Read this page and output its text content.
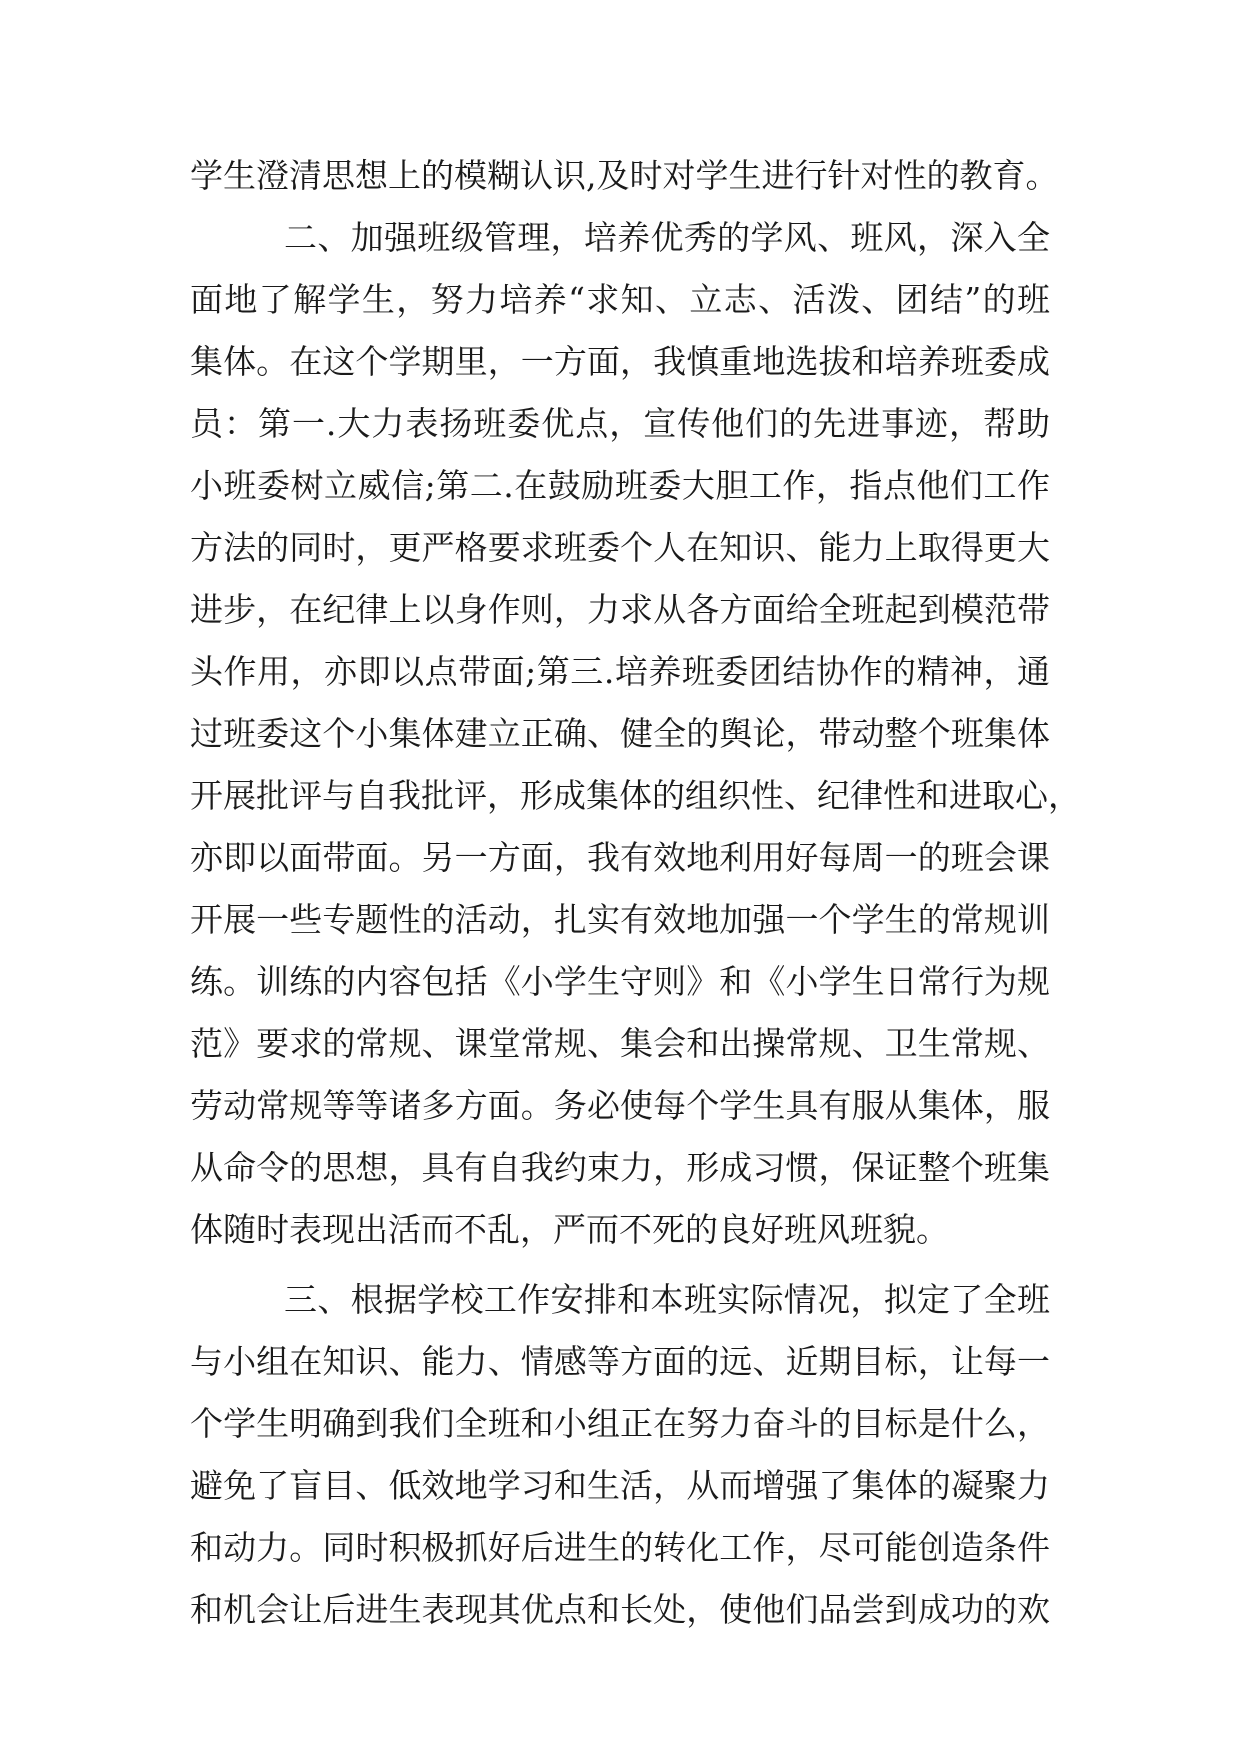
学生澄清思想上的模糊认识,及时对学生进行针对性的教育。
二、加强班级管理，培养优秀的学风、班风，深入全
面地了解学生，努力培养“求知、立志、活泼、团结”的班
集体。在这个学期里，一方面，我慎重地选拔和培养班委成
员：第一.大力表扬班委优点，宣传他们的先进事迹，帮助
小班委树立威信;第二.在鼓励班委大胆工作，指点他们工作
方法的同时，更严格要求班委个人在知识、能力上取得更大
进步，在纪律上以身作则，力求从各方面给全班起到模范带
头作用，亦即以点带面;第三.培养班委团结协作的精神，通
过班委这个小集体建立正确、健全的舆论，带动整个班集体
开展批评与自我批评，形成集体的组织性、纪律性和进取心，
亦即以面带面。另一方面，我有效地利用好每周一的班会课
开展一些专题性的活动，扎实有效地加强一个学生的常规训
练。训练的内容包括《小学生守则》和《小学生日常行为规
范》要求的常规、课堂常规、集会和出操常规、卫生常规、
劳动常规等等诸多方面。务必使每个学生具有服从集体，服
从命令的思想，具有自我约束力，形成习惯，保证整个班集
体随时表现出活而不乱，严而不死的良好班风班貌。
三、根据学校工作安排和本班实际情况，拟定了全班
与小组在知识、能力、情感等方面的远、近期目标，让每一
个学生明确到我们全班和小组正在努力奋斗的目标是什么，
避免了盲目、低效地学习和生活，从而增强了集体的凝聚力
和动力。同时积极抓好后进生的转化工作，尽可能创造条件
和机会让后进生表现其优点和长处，使他们品尝到成功的欢
